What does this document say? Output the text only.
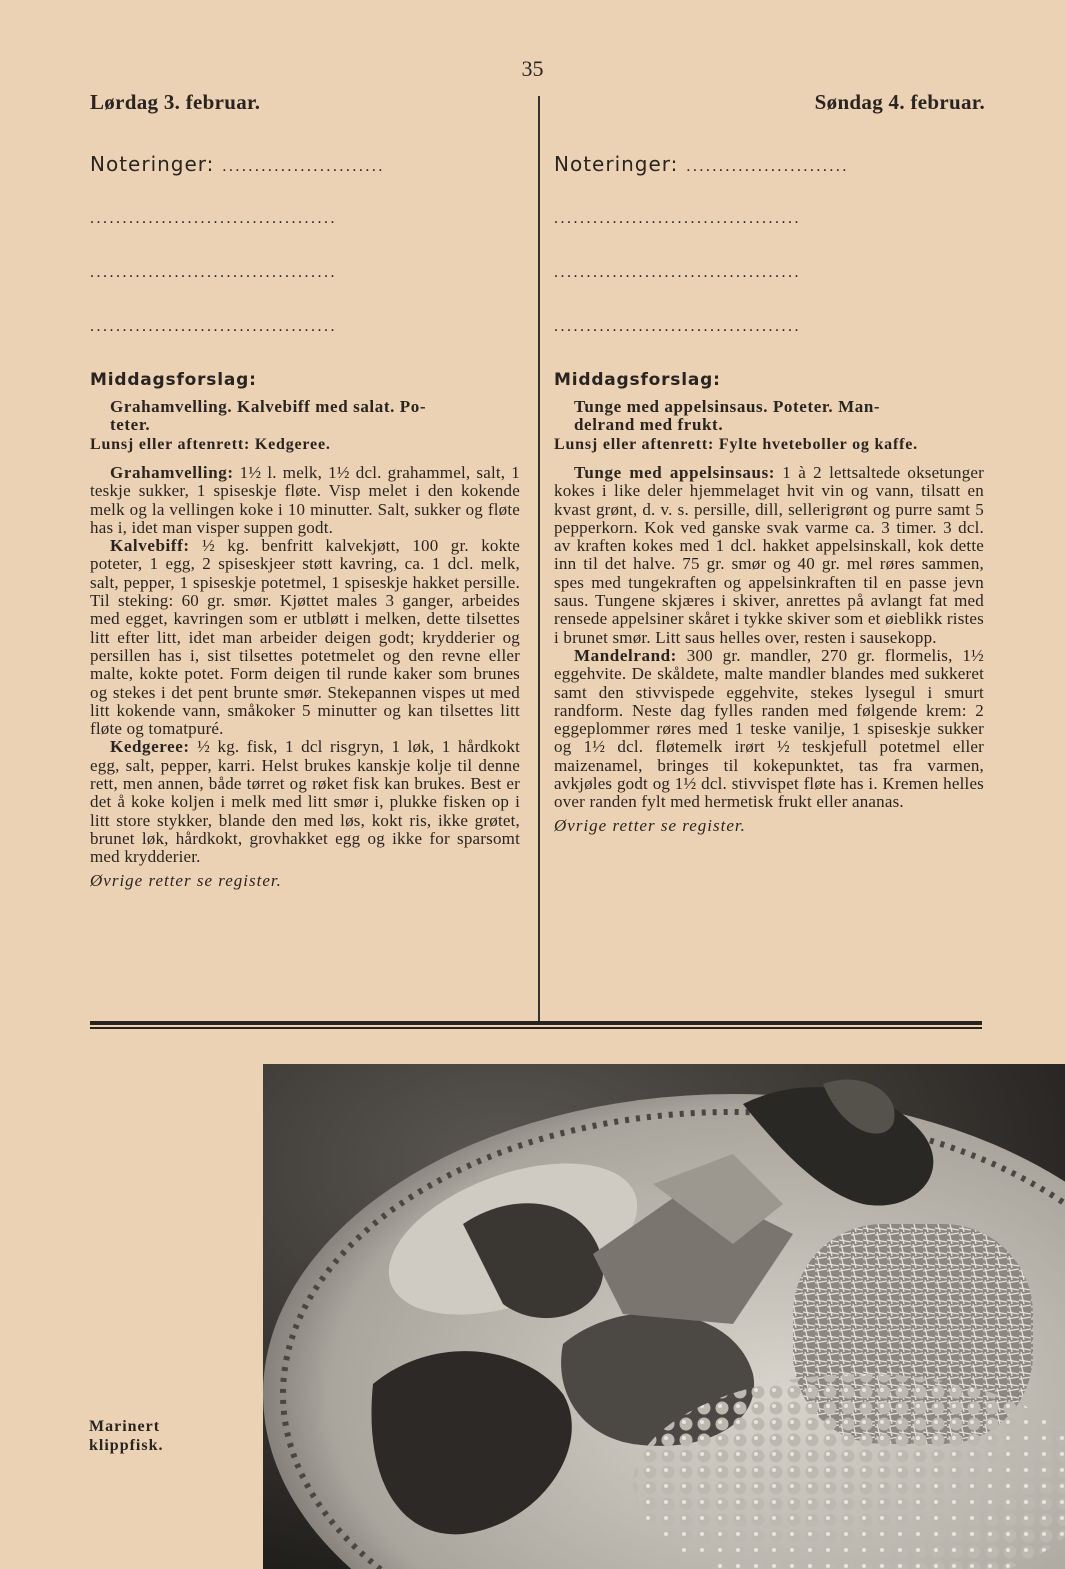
35
Lørdag 3. februar.	Søndag 4. februar.
Noteringer: .........................
......................................
......................................
......................................
Noteringer: .........................
......................................
......................................
......................................
Middagsforslag:
Grahamvelling. Kalvebiff med salat. Po-
teter.
Lunsj eller aftenrett: Kedgeree.

Grahamvelling: 1½ l. melk, 1½ dcl. grahammel, salt, 1 teskje sukker, 1 spiseskje fløte. Visp melet i den kokende melk og la vellingen koke i 10 minutter. Salt, sukker og fløte has i, idet man visper suppen godt.

Kalvebiff: ½ kg. benfritt kalvekjøtt, 100 gr. kokte poteter, 1 egg, 2 spiseskjeer støtt kavring, ca. 1 dcl. melk, salt, pepper, 1 spiseskje potetmel, 1 spiseskje hakket persille. Til steking: 60 gr. smør. Kjøttet males 3 ganger, arbeides med egget, kavringen som er utbløtt i melken, dette tilsettes litt efter litt, idet man arbeider deigen godt; krydderier og persillen has i, sist tilsettes potetmelet og den revne eller malte, kokte potet. Form deigen til runde kaker som brunes og stekes i det pent brunte smør. Stekepannen vispes ut med litt kokende vann, småkoker 5 minutter og kan tilsettes litt fløte og tomatpuré.

Kedgeree: ½ kg. fisk, 1 dcl risgryn, 1 løk, 1 hårdkokt egg, salt, pepper, karri. Helst brukes kanskje kolje til denne rett, men annen, både tørret og røket fisk kan brukes. Best er det å koke koljen i melk med litt smør i, plukke fisken op i litt store stykker, blande den med løs, kokt ris, ikke grøtet, brunet løk, hårdkokt, grovhakket egg og ikke for sparsomt med krydderier.

Øvrige retter se register.
Middagsforslag:
Tunge med appelsinsaus. Poteter. Man-
delrand med frukt.
Lunsj eller aftenrett: Fylte hveteboller og kaffe.

Tunge med appelsinsaus: 1 à 2 lettsaltede oksetunger kokes i like deler hjemmelaget hvit vin og vann, tilsatt en kvast grønt, d. v. s. persille, dill, sellerigrønt og purre samt 5 pepperkorn. Kok ved ganske svak varme ca. 3 timer. 3 dcl. av kraften kokes med 1 dcl. hakket appelsinskall, kok dette inn til det halve. 75 gr. smør og 40 gr. mel røres sammen, spes med tungekraften og appelsinkraften til en passe jevn saus. Tungene skjæres i skiver, anrettes på avlangt fat med rensede appelsiner skåret i tykke skiver som et øieblikk ristes i brunet smør. Litt saus helles over, resten i sausekopp.

Mandelrand: 300 gr. mandler, 270 gr. flormelis, 1½ eggehvite. De skåldete, malte mandler blandes med sukkeret samt den stivvispede eggehvite, stekes lysegul i smurt randform. Neste dag fylles randen med følgende krem: 2 eggeplommer røres med 1 teske vanilje, 1 spiseskje sukker og 1½ dcl. fløtemelk irørt ½ teskjefull potetmel eller maizenamel, bringes til kokepunktet, tas fra varmen, avkjøles godt og 1½ dcl. stivvispet fløte has i. Kremen helles over randen fylt med hermetisk frukt eller ananas.

Øvrige retter se register.
Marinert
klippfisk.
